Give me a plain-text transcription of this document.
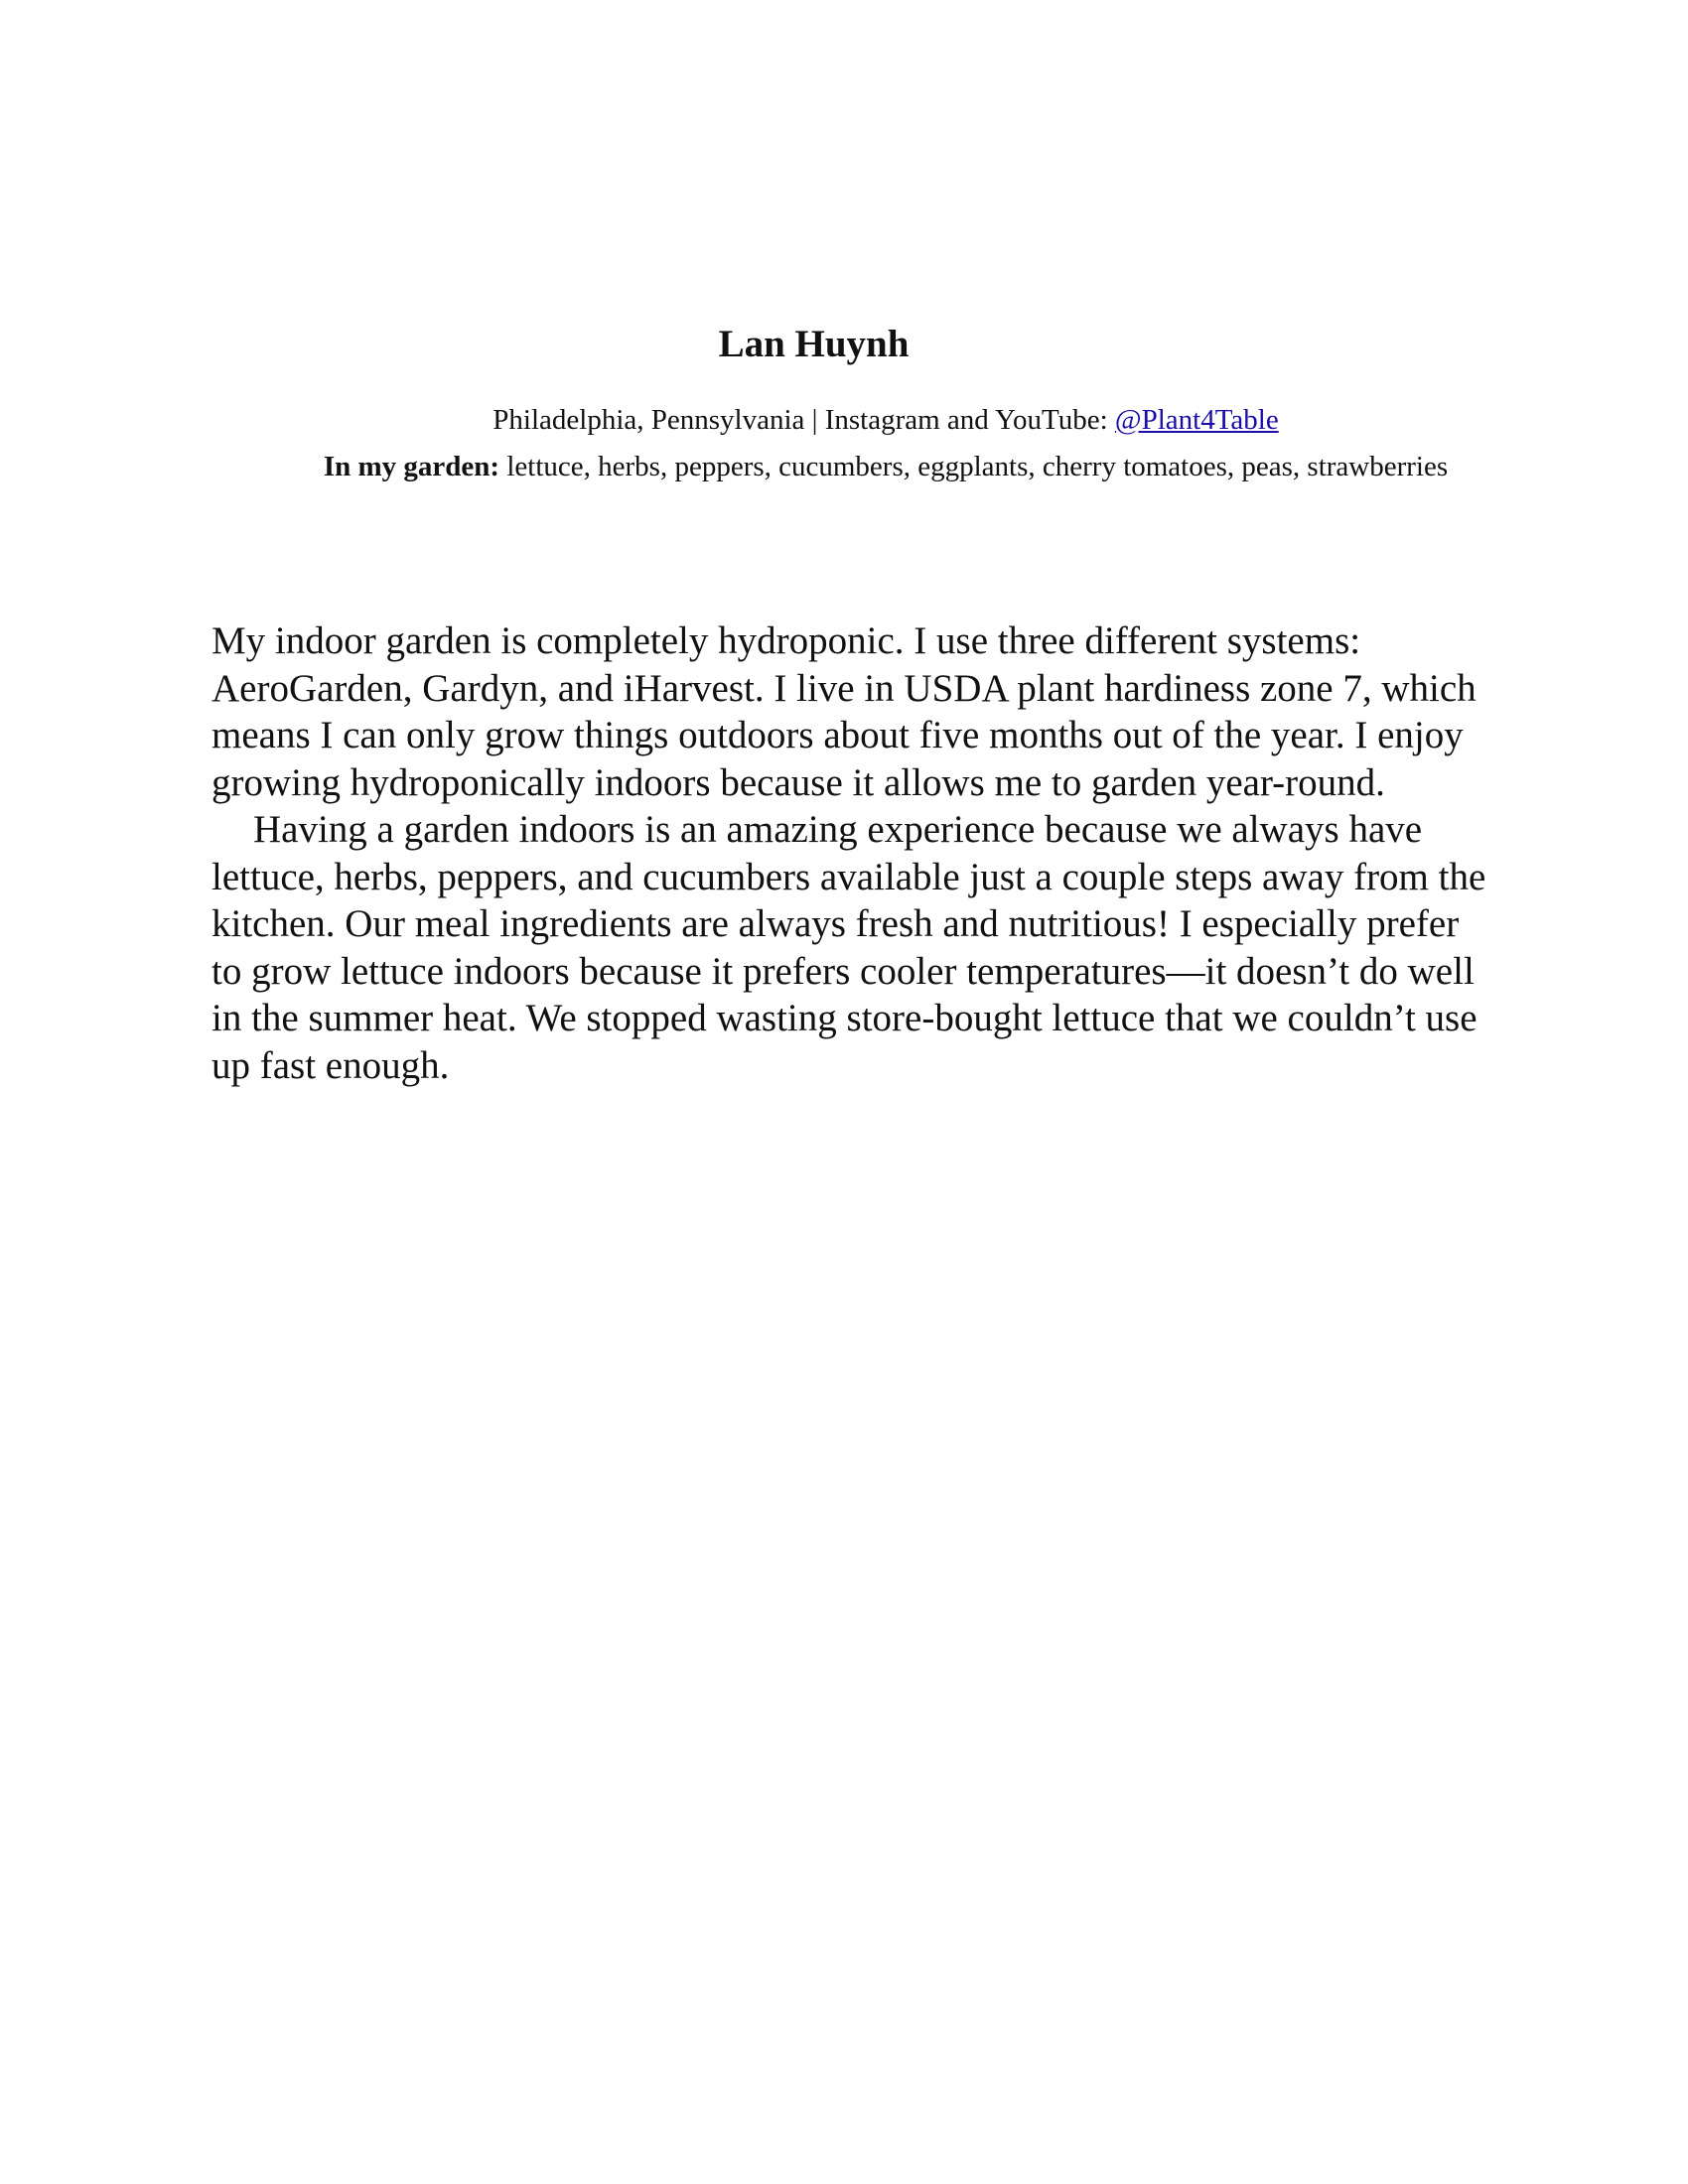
Lan Huynh
Philadelphia, Pennsylvania | Instagram and YouTube: @Plant4Table
In my garden: lettuce, herbs, peppers, cucumbers, eggplants, cherry tomatoes, peas, strawberries

My indoor garden is completely hydroponic. I use three different systems: AeroGarden, Gardyn, and iHarvest. I live in USDA plant hardiness zone 7, which means I can only grow things outdoors about five months out of the year. I enjoy growing hydroponically indoors because it allows me to garden year-round.

Having a garden indoors is an amazing experience because we always have lettuce, herbs, peppers, and cucumbers available just a couple steps away from the kitchen. Our meal ingredients are always fresh and nutritious! I especially prefer to grow lettuce indoors because it prefers cooler temperatures—it doesn’t do well in the summer heat. We stopped wasting store-bought lettuce that we couldn’t use up fast enough.
